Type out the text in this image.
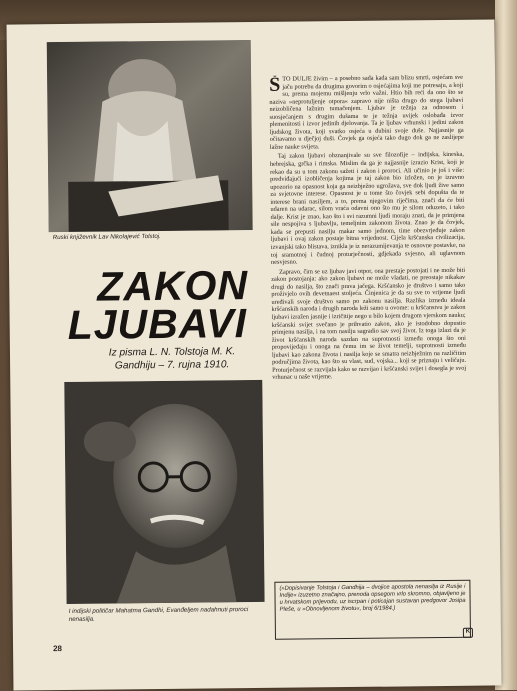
Ruski književnik Lav Nikolajević Tolstoj.
ZAKON
LJUBAVI
Iz pisma L. N. Tolstoja M. K. Gandhiju – 7. rujna 1910.
I indijski političar Mahatma Gandhi, Evanđeljem nadahnuti proroci nenasilja.

ŠTO DULJE živim – a posebno sada kada sam blizu smrti, osjećam sve jaču potrebu da drugima govorim o osjećajima koji me potresaju, a koji su, prema mojemu mišljenju vrlo važni. Htio bih reći da ono što se naziva »neprotuljenje otpora« zapravo nije ništa drugo do stega ljubavi neizobličena lažnim tumačenjem. Ljubav je težnja za odnosom i suosjećanjem s drugim dušama te je težnja uvijek oslobađa izvor plemenitosti i izvor jedinih djelovanja. Ta je ljubav vrhunski i jedini zakon ljudskog života, koji svatko osjeća u dubini svoje duše. Najjasnije ga očitavamo u dječjoj duši. Čovjek ga osjeća tako dugo dok ga ne zaslijepe lažne nauke svijeta.

Taj zakon ljubavi obznanjivale su sve filozofije – indijska, kineska, hebrejska, grčka i rimska. Mislim da ga je najjasnije izrazio Krist, koji je rekao da su u tom zakonu sažeti i zakon i proroci. Ali učinio je još i više: predviđajući izobličenja kojima je taj zakon bio izložen, on je izravno upozorio na opasnost koja ga neizbježno ugrožava, sve dok ljudi žive samo za svjetovne interese. Opasnost je u tome što čovjek sebi dopušta da te interese brani nasiljem, a to, prema njegovim riječima, znači da će biti udaren na udarac, silom vraća odavni ono što mu je silom oduzeto, i tako dalje. Krist je znao, kao što i svi razumni ljudi moraju znati, da je primjena sile nespojiva s ljubavlju, temeljnim zakonom života. Znao je da čovjek, kada se prepusti nasilju makar samo jednom, time obezvrjeđuje zakon ljubavi i ovaj zakon postaje bitna vrijednost. Cijela kršćanska civilizacija, izvanjski tako blistava, iznikla je iz nerazumijevanja te osnovne postavke, na toj sramotnoj i čudnoj proturječnosti, gdjekada svjesno, ali uglavnom nesvjesno.

Zapravo, čim se uz ljubav javi otpor, ona prestaje postojati i ne može biti zakon postojanja: ako zakon ljubavi ne može vladati, ne preostaje nikakav drugi do nasilja, što znači prava jačega. Kršćansko je društvo i samo tako proživjelo ovih devetnaest stoljeća. Činjenica je da su sve to vrijeme ljudi uređivali svoje društvo samo po zakonu nasilja. Razlika između ideala kršćanskih naroda i drugih naroda leži samo u ovome: u kršćanstvu je zakon ljubavi izražen jasnije i izričitije nego u bilo kojem drugom vjerskom nauku; kršćanski svijet svečano je prihvatio zakon, ako je istodobno dopustio primjenu nasilja, i na tom nasilju sagradio sav svoj život. Iz toga izlazi da je život kršćanskih naroda sazdan na suprotnosti između onoga što oni propovijedaju i onoga na čemu im se život temelji, suprotnosti između ljubavi kao zakona života i nasilja koje se smatra neizbježnim na različitim područjima života, kao što su vlast, sud, vojska... koji se priznaju i veličaju. Proturječnost se razvijala kako se razvijao i kršćanski svijet i dosegla je svoj vrhunac u naše vrijeme.

(»Dopisivanje Tolstoja i Gandhija – dvojice apostola nenasilja iz Rusije i Indije« izuzetno značajno, prenoda opsegom vrlo skromno, objavljeno je u hrvatskom prijevodu, uz iscrpan i poticajan sustavan predgovor Josipa Pleše, u »Obnovljenom životu«, broj 6/1984.)
K
28
